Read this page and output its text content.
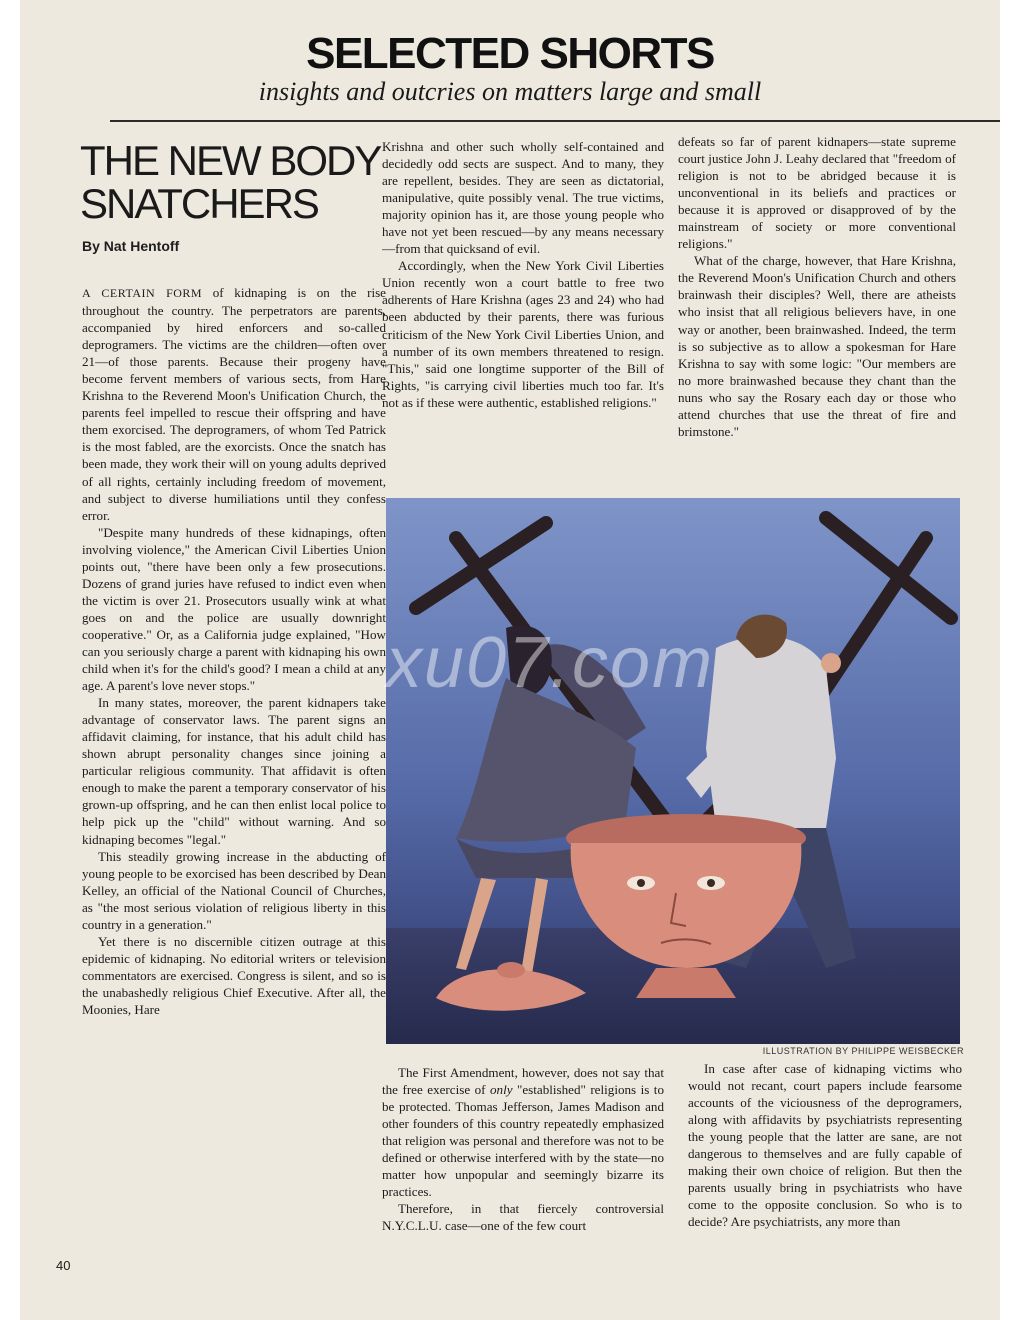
SELECTED SHORTS
insights and outcries on matters large and small
THE NEW BODY SNATCHERS
By Nat Hentoff

A CERTAIN FORM of kidnaping is on the rise throughout the country. The perpetrators are parents, accompanied by hired enforcers and so-called deprogramers. The victims are the children—often over 21—of those parents. Because their progeny have become fervent members of various sects, from Hare Krishna to the Reverend Moon's Unification Church, the parents feel impelled to rescue their offspring and have them exorcised. The deprogramers, of whom Ted Patrick is the most fabled, are the exorcists. Once the snatch has been made, they work their will on young adults deprived of all rights, certainly including freedom of movement, and subject to diverse humiliations until they confess error.

"Despite many hundreds of these kidnapings, often involving violence," the American Civil Liberties Union points out, "there have been only a few prosecutions. Dozens of grand juries have refused to indict even when the victim is over 21. Prosecutors usually wink at what goes on and the police are usually downright cooperative." Or, as a California judge explained, "How can you seriously charge a parent with kidnaping his own child when it's for the child's good? I mean a child at any age. A parent's love never stops."

In many states, moreover, the parent kidnapers take advantage of conservator laws. The parent signs an affidavit claiming, for instance, that his adult child has shown abrupt personality changes since joining a particular religious community. That affidavit is often enough to make the parent a temporary conservator of his grown-up offspring, and he can then enlist local police to help pick up the "child" without warning. And so kidnaping becomes "legal."

This steadily growing increase in the abducting of young people to be exorcised has been described by Dean Kelley, an official of the National Council of Churches, as "the most serious violation of religious liberty in this country in a generation."

Yet there is no discernible citizen outrage at this epidemic of kidnaping. No editorial writers or television commentators are exercised. Congress is silent, and so is the unabashedly religious Chief Executive. After all, the Moonies, Hare

Krishna and other such wholly self-contained and decidedly odd sects are suspect. And to many, they are repellent, besides. They are seen as dictatorial, manipulative, quite possibly venal. The true victims, majority opinion has it, are those young people who have not yet been rescued—by any means necessary—from that quicksand of evil.

Accordingly, when the New York Civil Liberties Union recently won a court battle to free two adherents of Hare Krishna (ages 23 and 24) who had been abducted by their parents, there was furious criticism of the New York Civil Liberties Union, and a number of its own members threatened to resign. "This," said one longtime supporter of the Bill of Rights, "is carrying civil liberties much too far. It's not as if these were authentic, established religions."

defeats so far of parent kidnapers—state supreme court justice John J. Leahy declared that "freedom of religion is not to be abridged because it is unconventional in its beliefs and practices or because it is approved or disapproved of by the mainstream of society or more conventional religions."

What of the charge, however, that Hare Krishna, the Reverend Moon's Unification Church and others brainwash their disciples? Well, there are atheists who insist that all religious believers have, in one way or another, been brainwashed. Indeed, the term is so subjective as to allow a spokesman for Hare Krishna to say with some logic: "Our members are no more brainwashed because they chant than the nuns who say the Rosary each day or those who attend churches that use the threat of fire and brimstone."

ILLUSTRATION BY PHILIPPE WEISBECKER

The First Amendment, however, does not say that the free exercise of only "established" religions is to be protected. Thomas Jefferson, James Madison and other founders of this country repeatedly emphasized that religion was personal and therefore was not to be defined or otherwise interfered with by the state—no matter how unpopular and seemingly bizarre its practices.

Therefore, in that fiercely controversial N.Y.C.L.U. case—one of the few court

In case after case of kidnaping victims who would not recant, court papers include fearsome accounts of the viciousness of the deprogramers, along with affidavits by psychiatrists representing the young people that the latter are sane, are not dangerous to themselves and are fully capable of making their own choice of religion. But then the parents usually bring in psychiatrists who have come to the opposite conclusion. So who is to decide? Are psychiatrists, any more than

xu07.com
40
